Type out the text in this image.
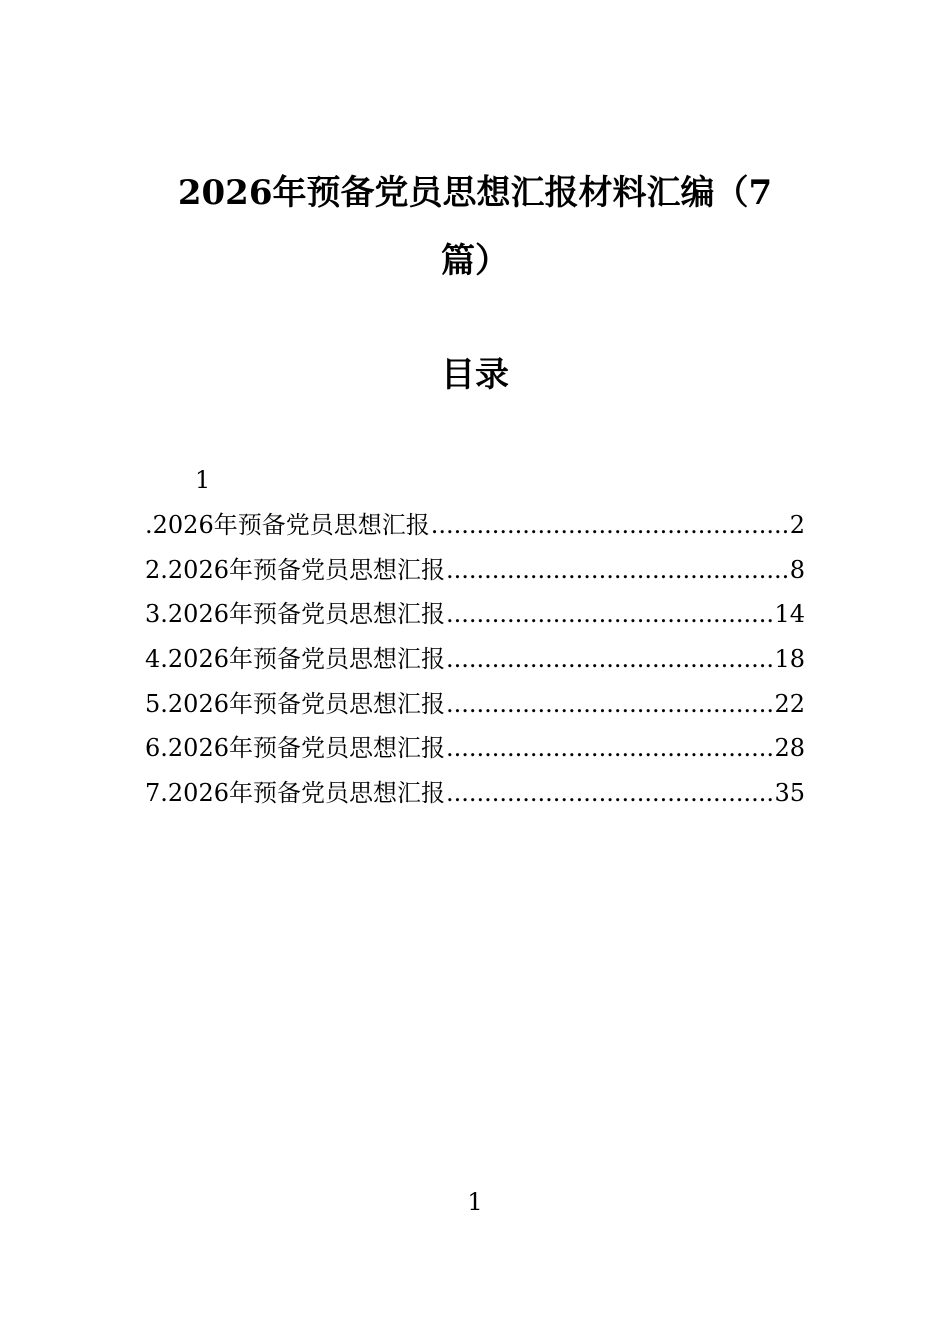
2026年预备党员思想汇报材料汇编（7
篇）
目录
1
.2026年预备党员思想汇报 .....	2
2.2026年预备党员思想汇报 .....	8
3.2026年预备党员思想汇报 .....	14
4.2026年预备党员思想汇报 .....	18
5.2026年预备党员思想汇报 .....	22
6.2026年预备党员思想汇报 .....	28
7.2026年预备党员思想汇报 .....	35
1
